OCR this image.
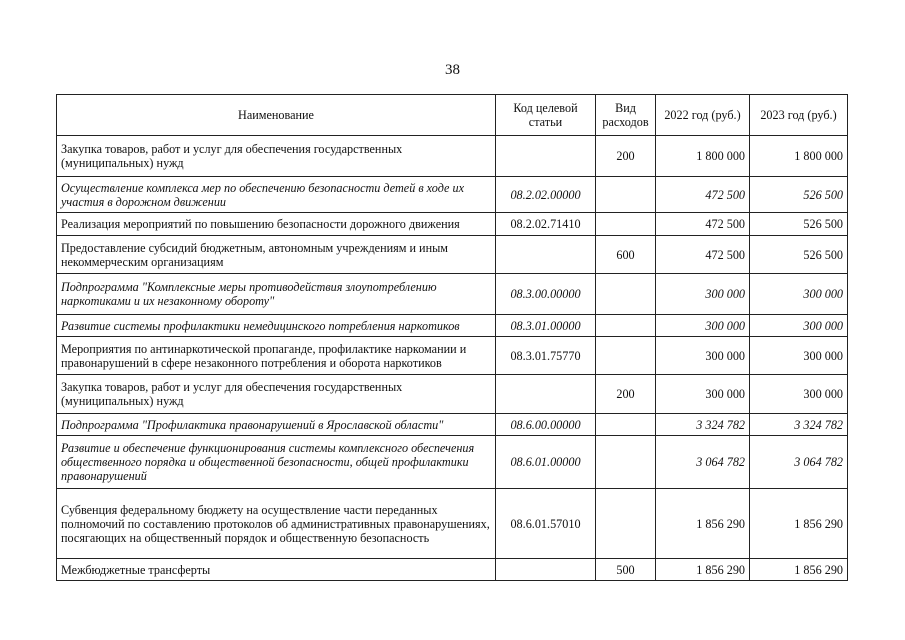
38
Наименование	Код целевой статьи	Вид расходов	2022 год (руб.)	2023 год (руб.)
Закупка товаров, работ и услуг для обеспечения государственных (муниципальных) нужд		200	1 800 000	1 800 000
Осуществление комплекса мер по обеспечению безопасности детей в ходе их участия в дорожном движении	08.2.02.00000		472 500	526 500
Реализация мероприятий по повышению безопасности дорожного движения	08.2.02.71410		472 500	526 500
Предоставление субсидий бюджетным, автономным учреждениям и иным некоммерческим организациям		600	472 500	526 500
Подпрограмма "Комплексные меры противодействия злоупотреблению наркотиками и их незаконному обороту"	08.3.00.00000		300 000	300 000
Развитие системы профилактики немедицинского потребления наркотиков	08.3.01.00000		300 000	300 000
Мероприятия по антинаркотической пропаганде, профилактике наркомании и правонарушений в сфере незаконного потребления и оборота наркотиков	08.3.01.75770		300 000	300 000
Закупка товаров, работ и услуг для обеспечения государственных (муниципальных) нужд		200	300 000	300 000
Подпрограмма "Профилактика правонарушений в Ярославской области"	08.6.00.00000		3 324 782	3 324 782
Развитие и обеспечение функционирования системы комплексного обеспечения общественного порядка и общественной безопасности, общей профилактики правонарушений	08.6.01.00000		3 064 782	3 064 782
Субвенция федеральному бюджету на осуществление части переданных полномочий по составлению протоколов об административных правонарушениях, посягающих на общественный порядок и общественную безопасность	08.6.01.57010		1 856 290	1 856 290
Межбюджетные трансферты		500	1 856 290	1 856 290
